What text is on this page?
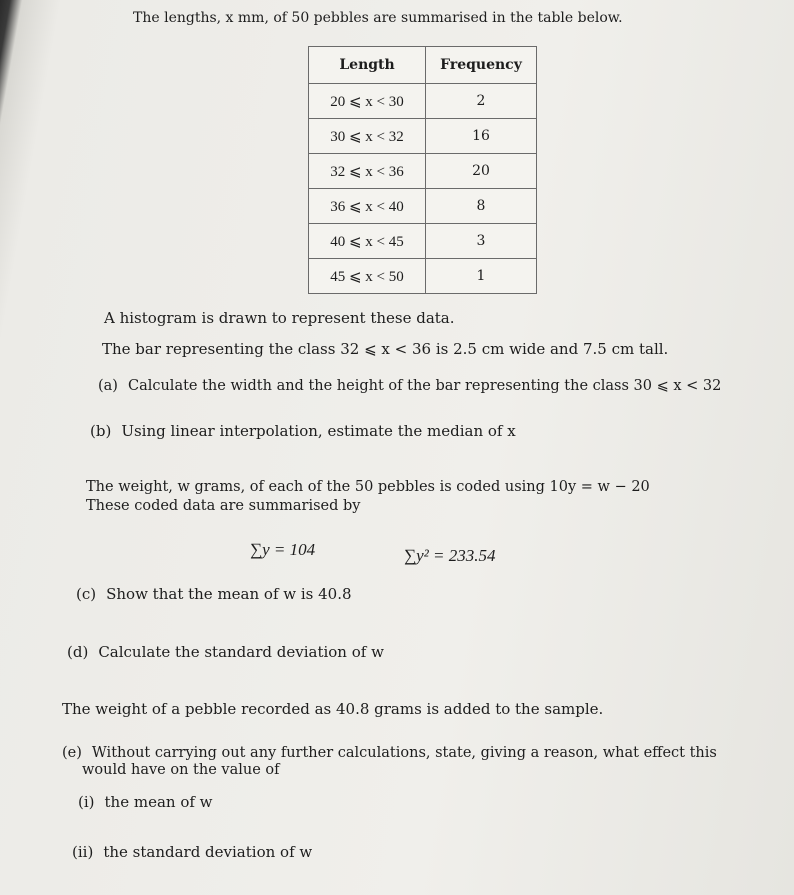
The lengths, x mm, of 50 pebbles are summarised in the table below.
Length	Frequency
20 ⩽ x < 30	2
30 ⩽ x < 32	16
32 ⩽ x < 36	20
36 ⩽ x < 40	8
40 ⩽ x < 45	3
45 ⩽ x < 50	1
A histogram is drawn to represent these data.
The bar representing the class 32 ⩽ x < 36 is 2.5 cm wide and 7.5 cm tall.
(a) Calculate the width and the height of the bar representing the class 30 ⩽ x < 32
(b) Using linear interpolation, estimate the median of x
The weight, w grams, of each of the 50 pebbles is coded using 10y = w − 20
These coded data are summarised by
∑y = 104	∑y² = 233.54
(c) Show that the mean of w is 40.8
(d) Calculate the standard deviation of w
The weight of a pebble recorded as 40.8 grams is added to the sample.
(e) Without carrying out any further calculations, state, giving a reason, what effect this
would have on the value of
(i) the mean of w
(ii) the standard deviation of w
